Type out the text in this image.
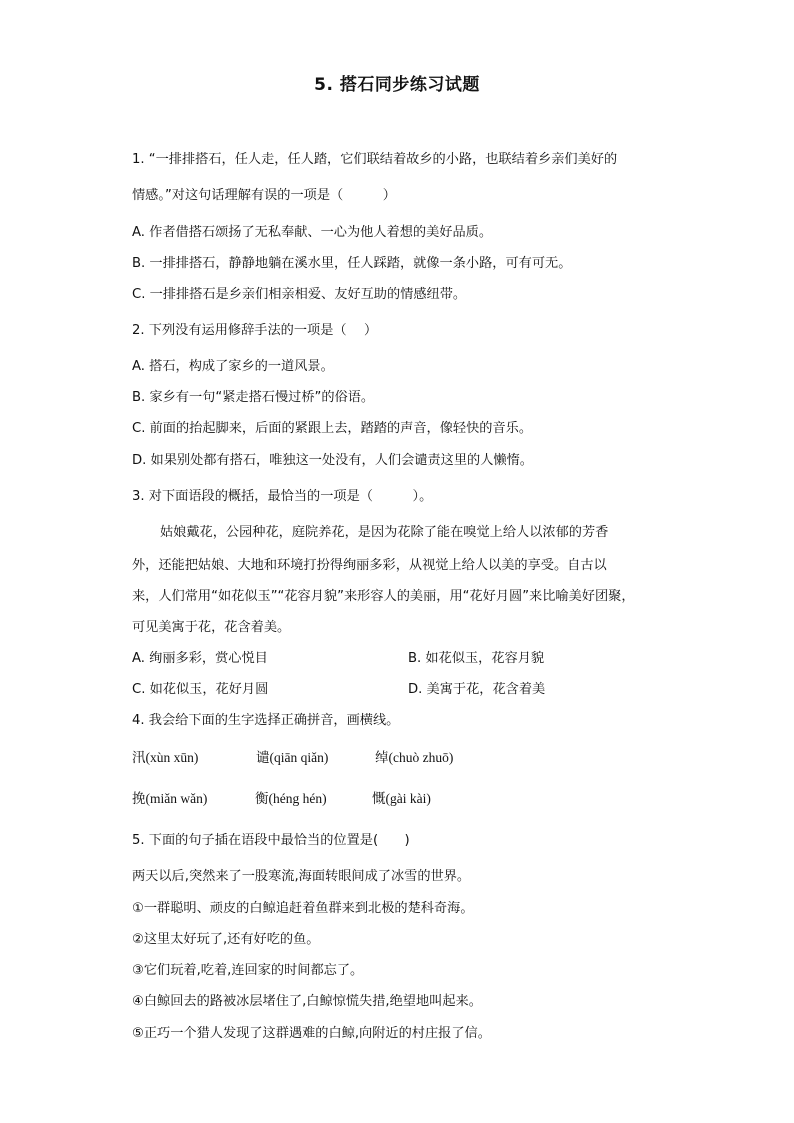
5. 搭石同步练习试题
1. “一排排搭石，任人走，任人踏，它们联结着故乡的小路，也联结着乡亲们美好的
情感。”对这句话理解有误的一项是（　　　）
A. 作者借搭石颂扬了无私奉献、一心为他人着想的美好品质。
B. 一排排搭石，静静地躺在溪水里，任人踩踏，就像一条小路，可有可无。
C. 一排排搭石是乡亲们相亲相爱、友好互助的情感纽带。
2. 下列没有运用修辞手法的一项是（　 ）
A. 搭石，构成了家乡的一道风景。
B. 家乡有一句“紧走搭石慢过桥”的俗语。
C. 前面的抬起脚来，后面的紧跟上去，踏踏的声音，像轻快的音乐。
D. 如果别处都有搭石，唯独这一处没有，人们会谴责这里的人懒惰。
3. 对下面语段的概括，最恰当的一项是（　　　）。
姑娘戴花，公园种花，庭院养花，是因为花除了能在嗅觉上给人以浓郁的芳香
外，还能把姑娘、大地和环境打扮得绚丽多彩，从视觉上给人以美的享受。自古以
来，人们常用“如花似玉”“花容月貌”来形容人的美丽，用“花好月圆”来比喻美好团聚，
可见美寓于花，花含着美。
A. 绚丽多彩，赏心悦目	B. 如花似玉，花容月貌
C. 如花似玉，花好月圆	D. 美寓于花，花含着美
4. 我会给下面的生字选择正确拼音，画横线。
汛(xùn xūn)	谴(qiān qiǎn)	绰(chuò zhuō)
挽(miǎn wǎn)	衡(héng hén)	慨(gài kài)
5. 下面的句子插在语段中最恰当的位置是(　　)
两天以后,突然来了一股寒流,海面转眼间成了冰雪的世界。
①一群聪明、顽皮的白鲸追赶着鱼群来到北极的楚科奇海。
②这里太好玩了,还有好吃的鱼。
③它们玩着,吃着,连回家的时间都忘了。
④白鲸回去的路被冰层堵住了,白鲸惊慌失措,绝望地叫起来。
⑤正巧一个猎人发现了这群遇难的白鲸,向附近的村庄报了信。
